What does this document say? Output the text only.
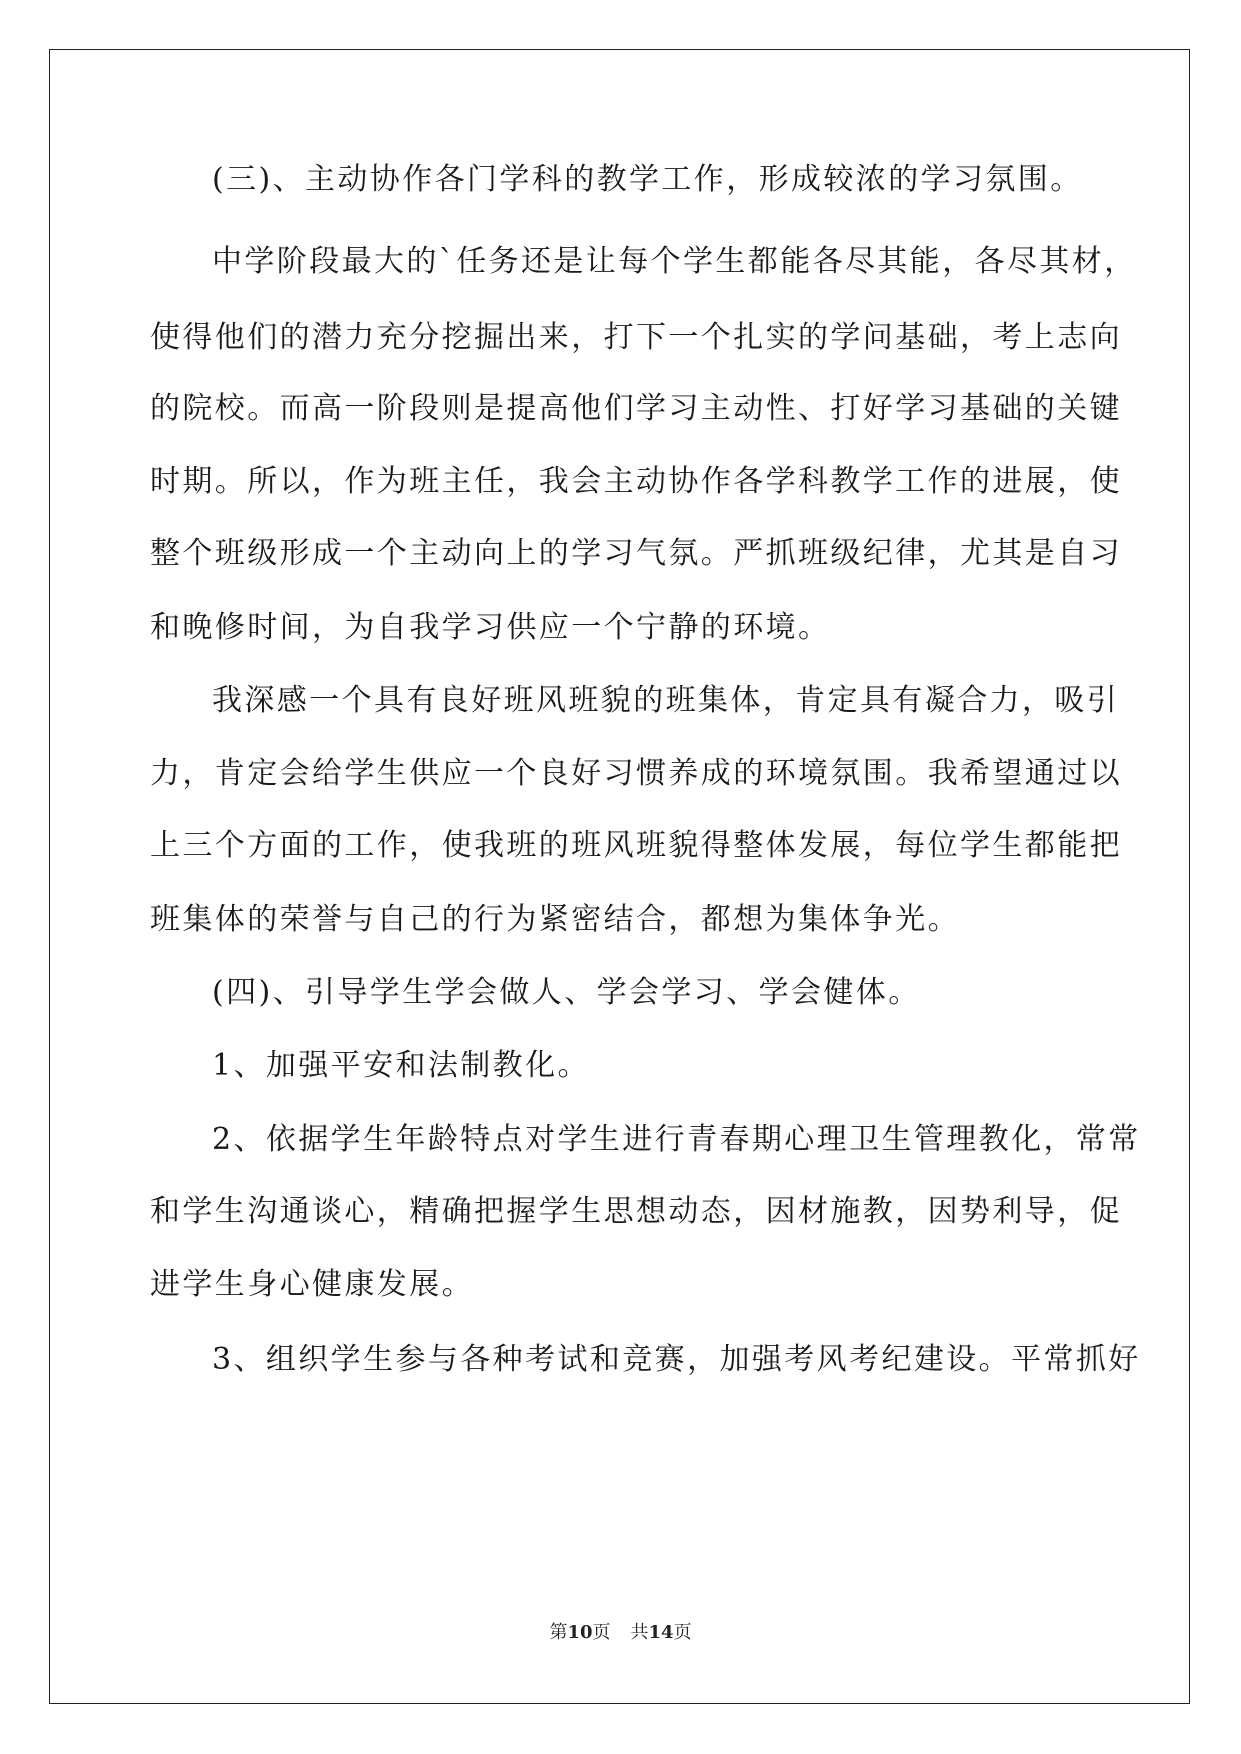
(三)、主动协作各门学科的教学工作，形成较浓的学习氛围。
中学阶段最大的`任务还是让每个学生都能各尽其能，各尽其材，
使得他们的潜力充分挖掘出来，打下一个扎实的学问基础，考上志向
的院校。而高一阶段则是提高他们学习主动性、打好学习基础的关键
时期。所以，作为班主任，我会主动协作各学科教学工作的进展，使
整个班级形成一个主动向上的学习气氛。严抓班级纪律，尤其是自习
和晚修时间，为自我学习供应一个宁静的环境。
我深感一个具有良好班风班貌的班集体，肯定具有凝合力，吸引
力，肯定会给学生供应一个良好习惯养成的环境氛围。我希望通过以
上三个方面的工作，使我班的班风班貌得整体发展，每位学生都能把
班集体的荣誉与自己的行为紧密结合，都想为集体争光。
(四)、引导学生学会做人、学会学习、学会健体。
1、加强平安和法制教化。
2、依据学生年龄特点对学生进行青春期心理卫生管理教化，常常
和学生沟通谈心，精确把握学生思想动态，因材施教，因势利导，促
进学生身心健康发展。
3、组织学生参与各种考试和竞赛，加强考风考纪建设。平常抓好
第10页 共14页
